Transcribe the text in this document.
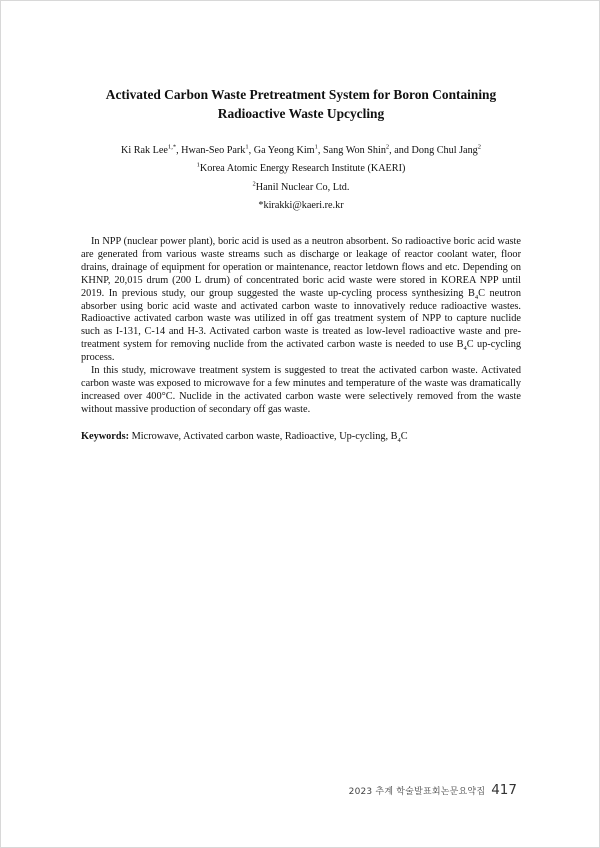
Activated Carbon Waste Pretreatment System for Boron Containing
Radioactive Waste Upcycling
Ki Rak Lee$^{1,*}$, Hwan-Seo Park$^1$, Ga Yeong Kim$^1$, Sang Won Shin$^2$, and Dong Chul Jang$^2$
$^1$Korea Atomic Energy Research Institute (KAERI)
$^2$Hanil Nuclear Co, Ltd.
*kirakki@kaeri.re.kr

In NPP (nuclear power plant), boric acid is used as a neutron absorbent. So radioactive boric acid waste are generated from various waste streams such as discharge or leakage of reactor coolant water, floor drains, drainage of equipment for operation or maintenance, reactor letdown flows and etc. Depending on KHNP, 20,015 drum (200 L drum) of concentrated boric acid waste were stored in KOREA NPP until 2019. In previous study, our group suggested the waste up-cycling process synthesizing $B_4C$ neutron absorber using boric acid waste and activated carbon waste to innovatively reduce radioactive wastes. Radioactive activated carbon waste was utilized in off gas treatment system of NPP to capture nuclide such as I-131, C-14 and H-3. Activated carbon waste is treated as low-level radioactive waste and pre-treatment system for removing nuclide from the activated carbon waste is needed to use $B_4C$ up-cycling process.

In this study, microwave treatment system is suggested to treat the activated carbon waste. Activated carbon waste was exposed to microwave for a few minutes and temperature of the waste was dramatically increased over 400°C. Nuclide in the activated carbon waste were selectively removed from the waste without massive production of secondary off gas waste.

Keywords: Microwave, Activated carbon waste, Radioactive, Up-cycling, $B_4C$
2023 추계 학술발표회논문요약집 417
